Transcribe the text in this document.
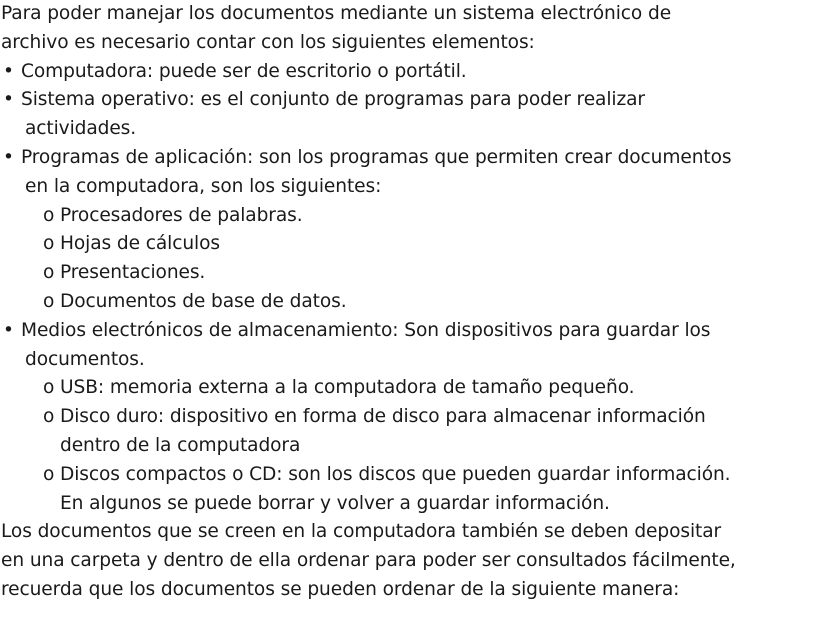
Para poder manejar los documentos mediante un sistema electrónico de
archivo es necesario contar con los siguientes elementos:
• Computadora: puede ser de escritorio o portátil.
• Sistema operativo: es el conjunto de programas para poder realizar
actividades.
• Programas de aplicación: son los programas que permiten crear documentos
en la computadora, son los siguientes:
o Procesadores de palabras.
o Hojas de cálculos
o Presentaciones.
o Documentos de base de datos.
• Medios electrónicos de almacenamiento: Son dispositivos para guardar los
documentos.
o USB: memoria externa a la computadora de tamaño pequeño.
o Disco duro: dispositivo en forma de disco para almacenar información
dentro de la computadora
o Discos compactos o CD: son los discos que pueden guardar información.
En algunos se puede borrar y volver a guardar información.
Los documentos que se creen en la computadora también se deben depositar
en una carpeta y dentro de ella ordenar para poder ser consultados fácilmente,
recuerda que los documentos se pueden ordenar de la siguiente manera:
